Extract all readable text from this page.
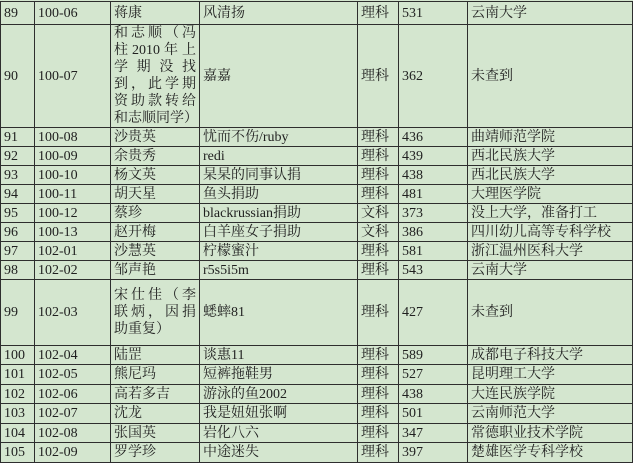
89	100-06	蒋康	风清扬	理科	531	云南大学
90	100-07	和志顺（冯柱2010年上学期没找到，此学期资助款转给和志顺同学）	嘉嘉	理科	362	未查到
91	100-08	沙贵英	忧而不伤/ruby	理科	436	曲靖师范学院
92	100-09	余贵秀	redi	理科	439	西北民族大学
93	100-10	杨文英	杲杲的同事认捐	理科	438	西北民族大学
94	100-11	胡天星	鱼头捐助	理科	481	大理医学院
95	100-12	蔡珍	blackrussian捐助	文科	373	没上大学，准备打工
96	100-13	赵开梅	白羊座女子捐助	文科	386	四川幼儿高等专科学校
97	102-01	沙慧英	柠檬蜜汁	理科	581	浙江温州医科大学
98	102-02	邹声艳	r5s5i5m	理科	543	云南大学
99	102-03	宋仕佳（李联炳，因捐助重复）	蟋蟀81	理科	427	未查到
100	102-04	陆罡	谈惠11	理科	589	成都电子科技大学
101	102-05	熊尼玛	短裤拖鞋男	理科	527	昆明理工大学
102	102-06	高若多吉	游泳的鱼2002	理科	438	大连民族学院
103	102-07	沈龙	我是妞妞张啊	理科	501	云南师范大学
104	102-08	张国英	岩化八六	理科	347	常德职业技术学院
105	102-09	罗学珍	中途迷失	理科	397	楚雄医学专科学校
